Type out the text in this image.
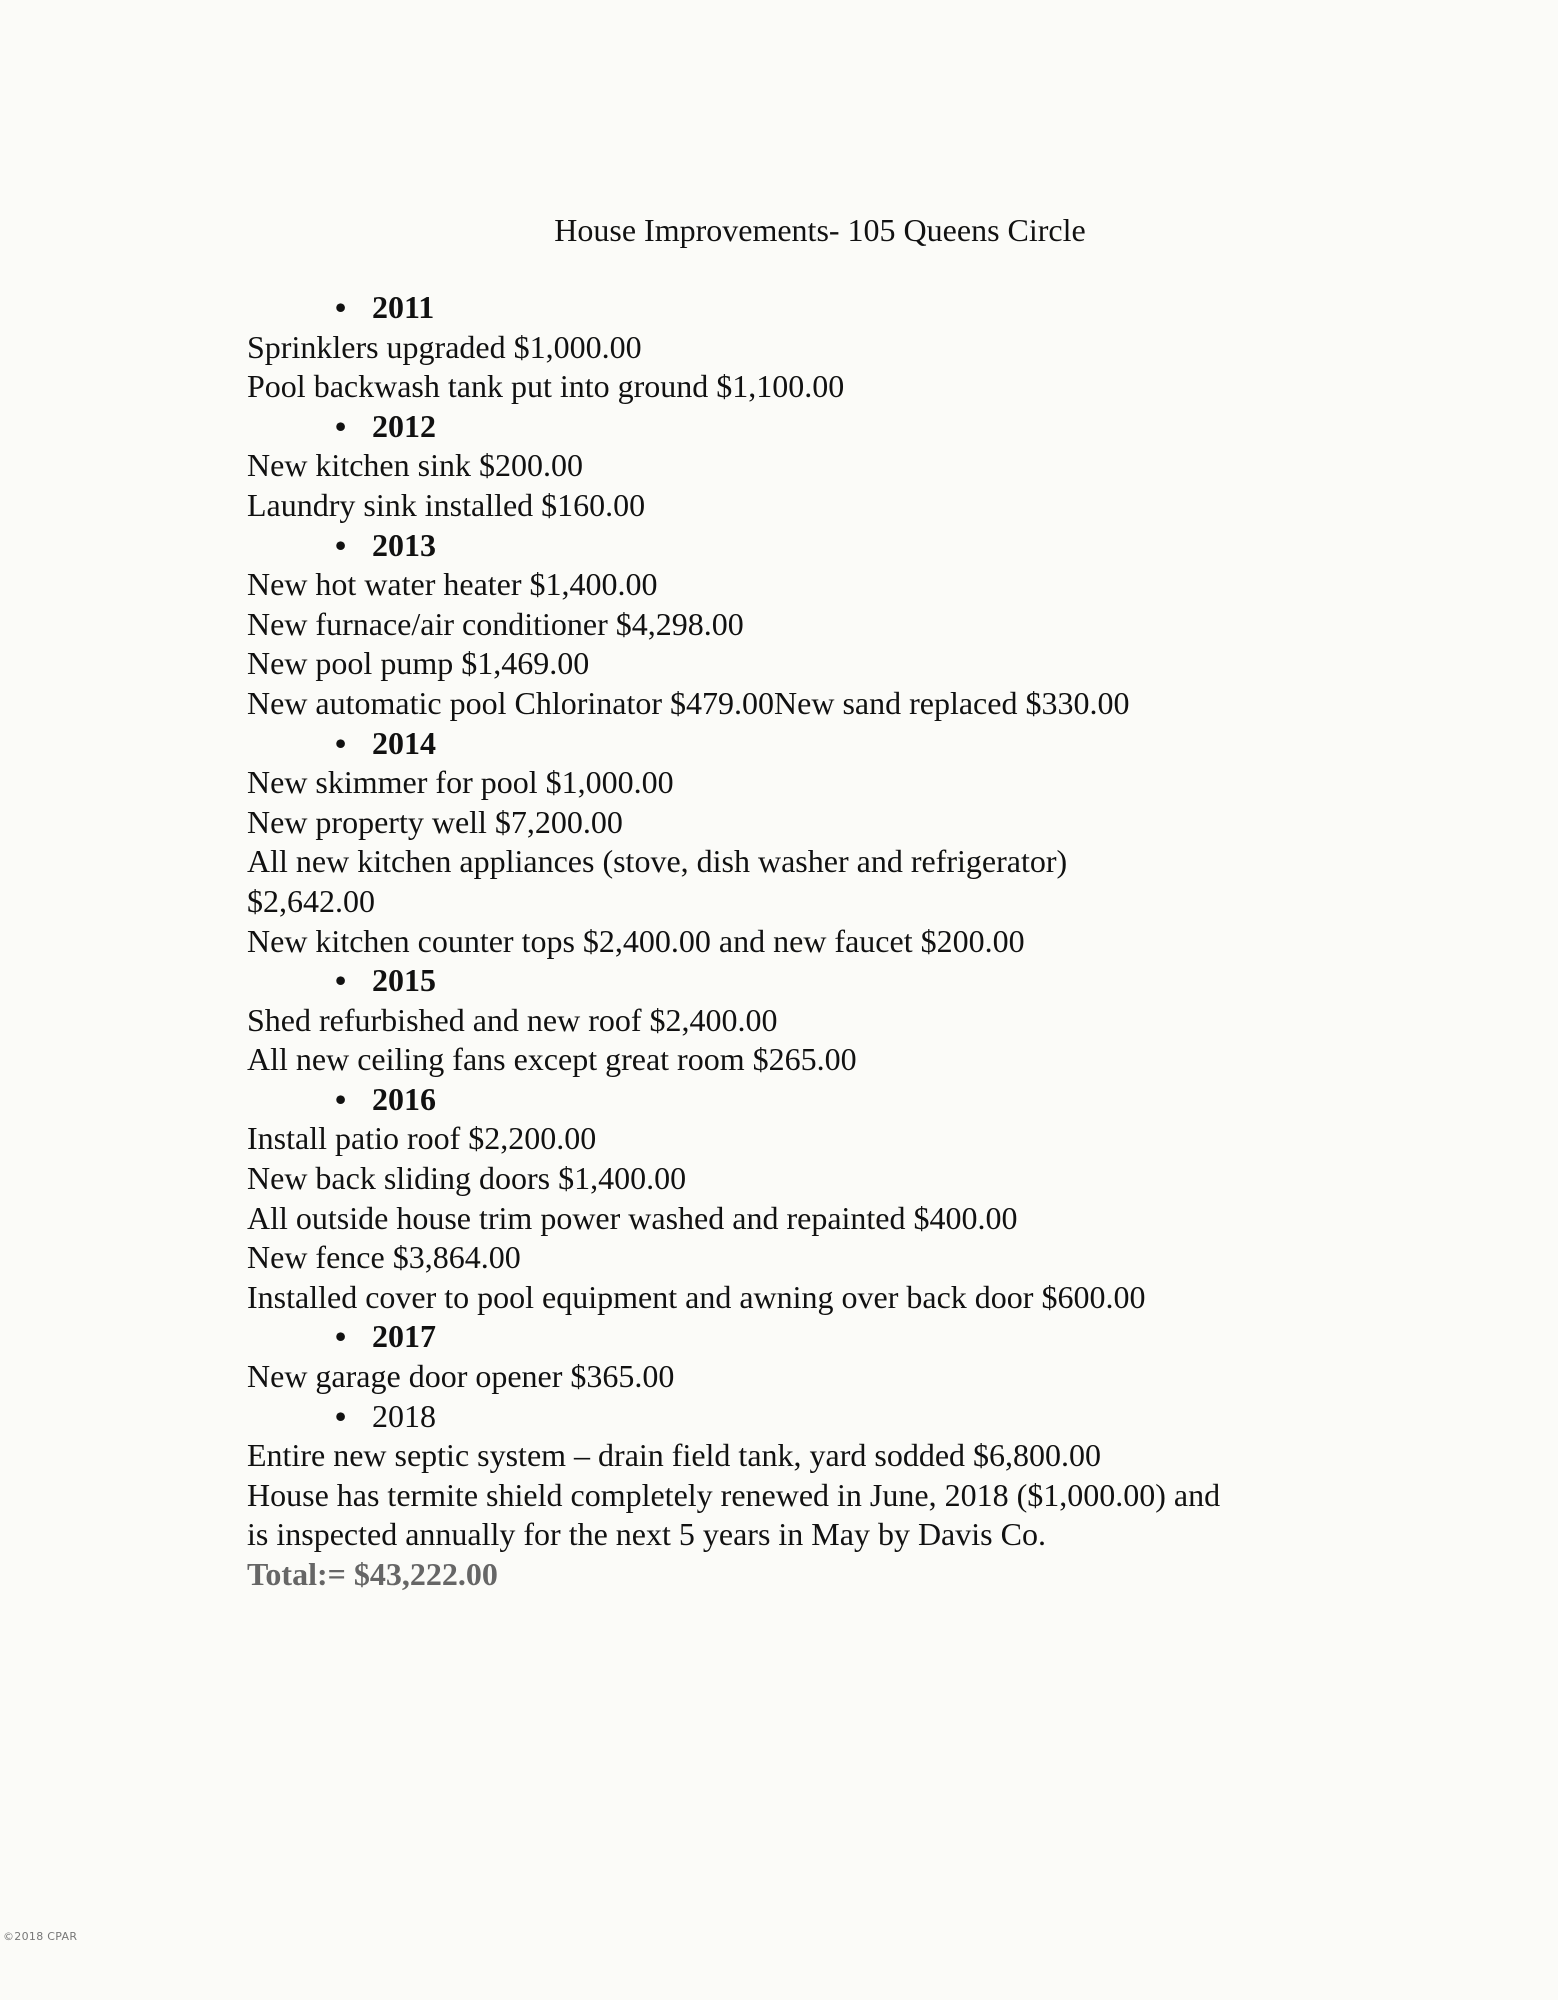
House Improvements- 105 Queens Circle
• 2011
Sprinklers upgraded $1,000.00
Pool backwash tank put into ground $1,100.00
• 2012
New kitchen sink $200.00
Laundry sink installed $160.00
• 2013
New hot water heater $1,400.00
New furnace/air conditioner $4,298.00
New pool pump $1,469.00
New automatic pool Chlorinator $479.00New sand replaced $330.00
• 2014
New skimmer for pool $1,000.00
New property well $7,200.00
All new kitchen appliances (stove, dish washer and refrigerator)
$2,642.00
New kitchen counter tops $2,400.00 and new faucet $200.00
• 2015
Shed refurbished and new roof $2,400.00
All new ceiling fans except great room $265.00
• 2016
Install patio roof $2,200.00
New back sliding doors $1,400.00
All outside house trim power washed and repainted $400.00
New fence $3,864.00
Installed cover to pool equipment and awning over back door $600.00
• 2017
New garage door opener $365.00
• 2018
Entire new septic system – drain field tank, yard sodded $6,800.00
House has termite shield completely renewed in June, 2018 ($1,000.00) and
is inspected annually for the next 5 years in May by Davis Co.
Total:= $43,222.00
©2018 CPAR
